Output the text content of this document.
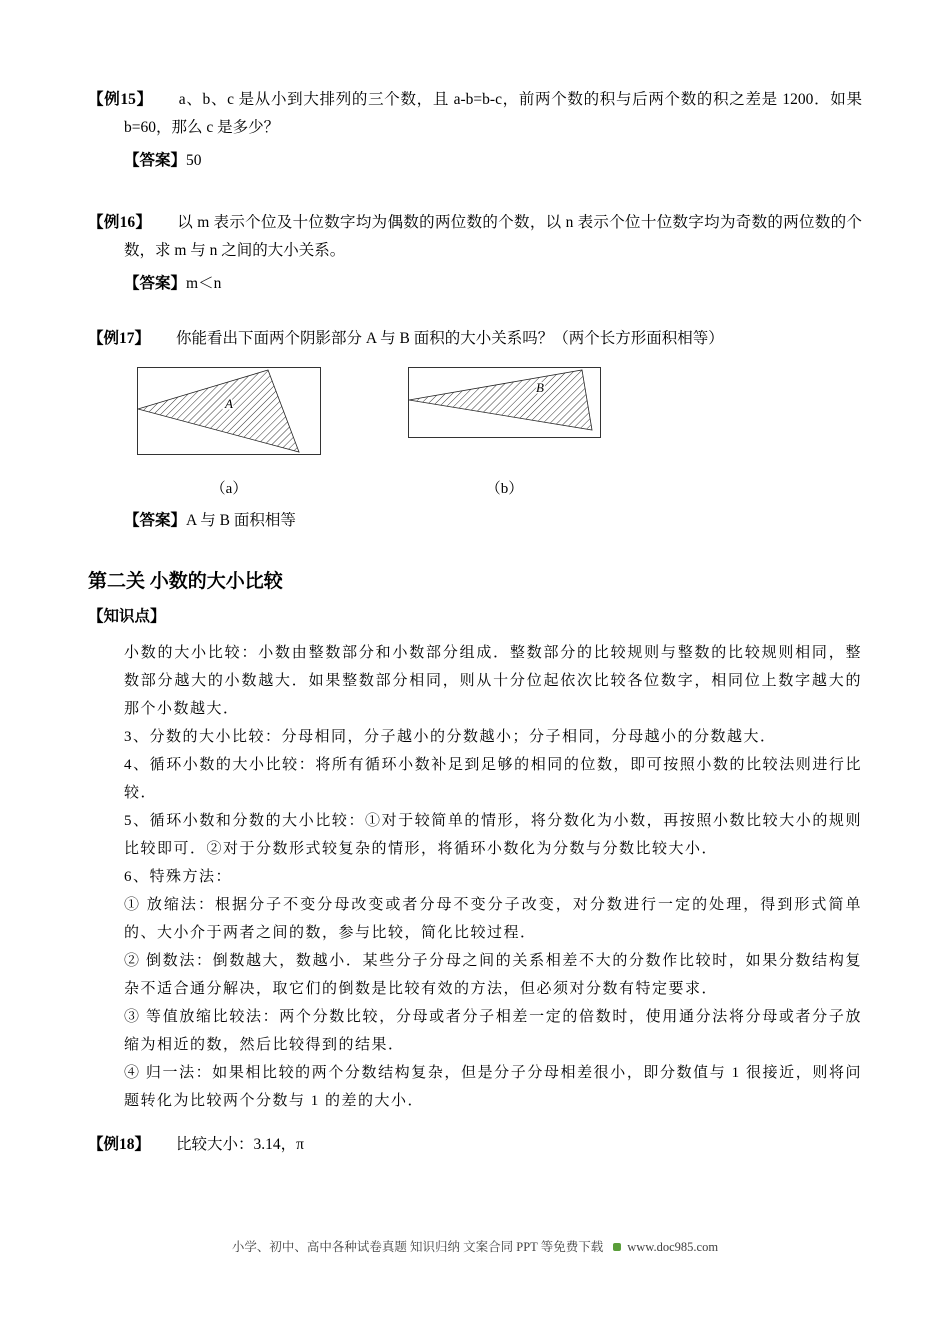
【例15】 a、b、c 是从小到大排列的三个数，且 a-b=b-c，前两个数的积与后两个数的积之差是 1200．如果 b=60，那么 c 是多少？

【答案】50

【例16】 以 m 表示个位及十位数字均为偶数的两位数的个数，以 n 表示个位十位数字均为奇数的两位数的个数，求 m 与 n 之间的大小关系。

【答案】m＜n

【例17】 你能看出下面两个阴影部分 A 与 B 面积的大小关系吗？（两个长方形面积相等）

A
（a）
B
（b）

【答案】A 与 B 面积相等

第二关 小数的大小比较
【知识点】

小数的大小比较：小数由整数部分和小数部分组成．整数部分的比较规则与整数的比较规则相同，整数部分越大的小数越大．如果整数部分相同，则从十分位起依次比较各位数字，相同位上数字越大的那个小数越大．

3、分数的大小比较：分母相同，分子越小的分数越小；分子相同，分母越小的分数越大．

4、循环小数的大小比较：将所有循环小数补足到足够的相同的位数，即可按照小数的比较法则进行比较．

5、循环小数和分数的大小比较：①对于较简单的情形，将分数化为小数，再按照小数比较大小的规则比较即可．②对于分数形式较复杂的情形，将循环小数化为分数与分数比较大小．

6、特殊方法：

① 放缩法：根据分子不变分母改变或者分母不变分子改变，对分数进行一定的处理，得到形式简单的、大小介于两者之间的数，参与比较，简化比较过程．

② 倒数法：倒数越大，数越小．某些分子分母之间的关系相差不大的分数作比较时，如果分数结构复杂不适合通分解决，取它们的倒数是比较有效的方法，但必须对分数有特定要求．

③ 等值放缩比较法：两个分数比较，分母或者分子相差一定的倍数时，使用通分法将分母或者分子放缩为相近的数，然后比较得到的结果．

④ 归一法：如果相比较的两个分数结构复杂，但是分子分母相差很小，即分数值与 1 很接近，则将问题转化为比较两个分数与 1 的差的大小．

【例18】 比较大小：3.14，π

小学、初中、高中各种试卷真题 知识归纳 文案合同 PPT 等免费下载 www.doc985.com
